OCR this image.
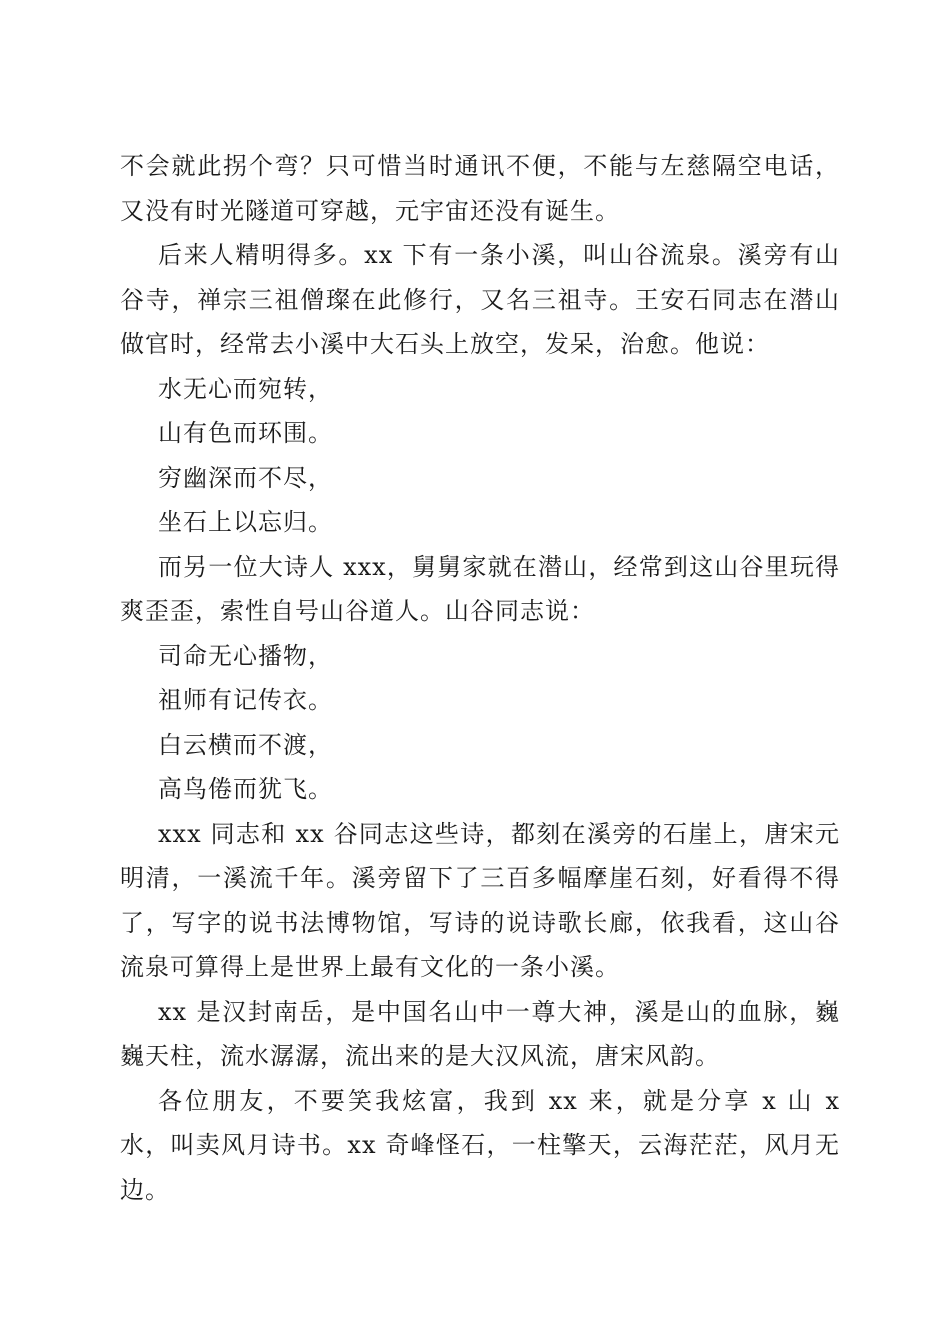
不会就此拐个弯？只可惜当时通讯不便，不能与左慈隔空电话，又没有时光隧道可穿越，元宇宙还没有诞生。

后来人精明得多。xx 下有一条小溪，叫山谷流泉。溪旁有山谷寺，禅宗三祖僧璨在此修行，又名三祖寺。王安石同志在潜山做官时，经常去小溪中大石头上放空，发呆，治愈。他说：

水无心而宛转，

山有色而环围。

穷幽深而不尽，

坐石上以忘归。

而另一位大诗人 xxx，舅舅家就在潜山，经常到这山谷里玩得爽歪歪，索性自号山谷道人。山谷同志说：

司命无心播物，

祖师有记传衣。

白云横而不渡，

高鸟倦而犹飞。

xxx 同志和 xx 谷同志这些诗，都刻在溪旁的石崖上，唐宋元明清，一溪流千年。溪旁留下了三百多幅摩崖石刻，好看得不得了，写字的说书法博物馆，写诗的说诗歌长廊，依我看，这山谷流泉可算得上是世界上最有文化的一条小溪。

xx 是汉封南岳，是中国名山中一尊大神，溪是山的血脉，巍巍天柱，流水潺潺，流出来的是大汉风流，唐宋风韵。

各位朋友，不要笑我炫富，我到 xx 来，就是分享 x 山 x 水，叫卖风月诗书。xx 奇峰怪石，一柱擎天，云海茫茫，风月无边。
